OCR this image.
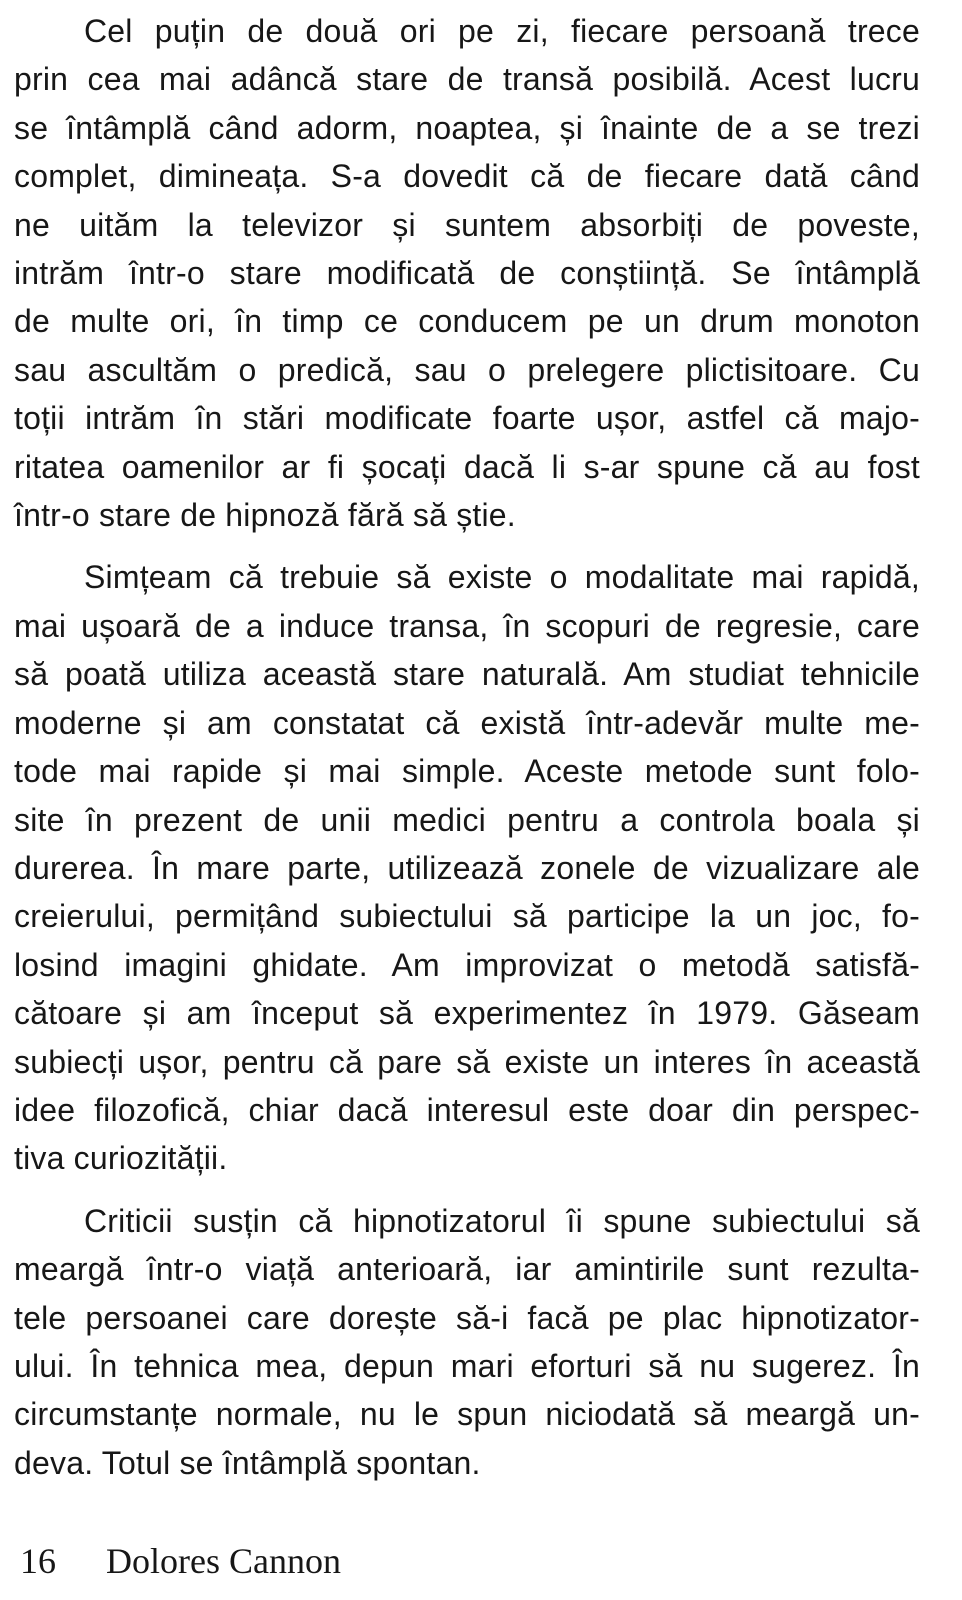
Cel puțin de două ori pe zi, fiecare persoană trece
prin cea mai adâncă stare de transă posibilă. Acest lucru
se întâmplă când adorm, noaptea, și înainte de a se trezi
complet, dimineața. S-a dovedit că de fiecare dată când
ne uităm la televizor și suntem absorbiți de poveste,
intrăm într-o stare modificată de conștiință. Se întâmplă
de multe ori, în timp ce conducem pe un drum monoton
sau ascultăm o predică, sau o prelegere plictisitoare. Cu
toții intrăm în stări modificate foarte ușor, astfel că majo-
ritatea oamenilor ar fi șocați dacă li s-ar spune că au fost
într-o stare de hipnoză fără să știe.

Simțeam că trebuie să existe o modalitate mai rapidă,
mai ușoară de a induce transa, în scopuri de regresie, care
să poată utiliza această stare naturală. Am studiat tehnicile
moderne și am constatat că există într-adevăr multe me-
tode mai rapide și mai simple. Aceste metode sunt folo-
site în prezent de unii medici pentru a controla boala și
durerea. În mare parte, utilizează zonele de vizualizare ale
creierului, permițând subiectului să participe la un joc, fo-
losind imagini ghidate. Am improvizat o metodă satisfă-
cătoare și am început să experimentez în 1979. Găseam
subiecți ușor, pentru că pare să existe un interes în această
idee filozofică, chiar dacă interesul este doar din perspec-
tiva curiozității.

Criticii susțin că hipnotizatorul îi spune subiectului să
meargă într-o viață anterioară, iar amintirile sunt rezulta-
tele persoanei care dorește să-i facă pe plac hipnotizator-
ului. În tehnica mea, depun mari eforturi să nu sugerez. În
circumstanțe normale, nu le spun niciodată să meargă un-
deva. Totul se întâmplă spontan.

16	Dolores Cannon
